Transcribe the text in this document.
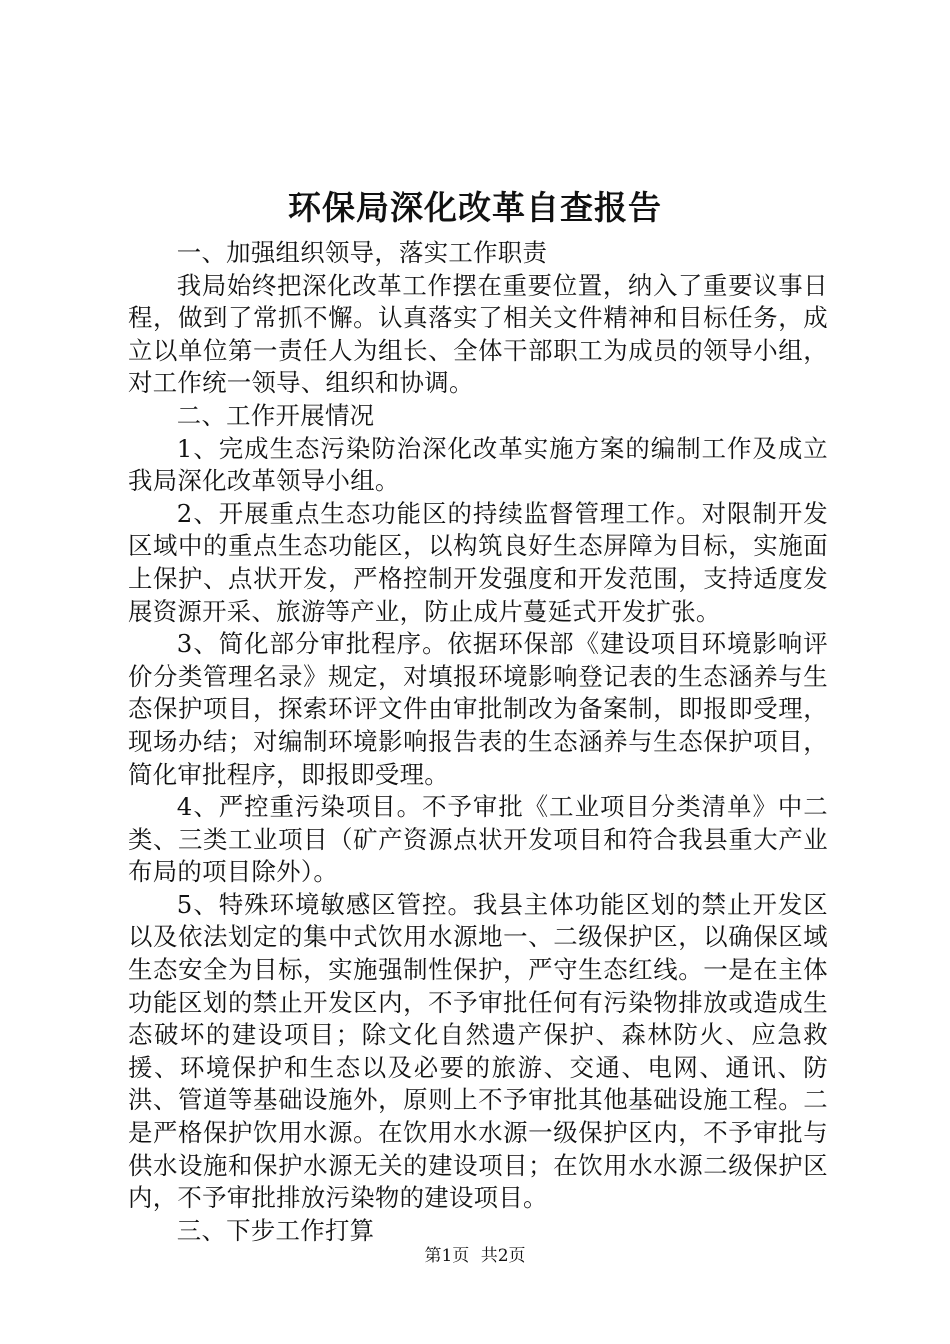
环保局深化改革自查报告

一、加强组织领导，落实工作职责

我局始终把深化改革工作摆在重要位置，纳入了重要议事日程，做到了常抓不懈。认真落实了相关文件精神和目标任务，成立以单位第一责任人为组长、全体干部职工为成员的领导小组，对工作统一领导、组织和协调。

二、工作开展情况

1、完成生态污染防治深化改革实施方案的编制工作及成立我局深化改革领导小组。

2、开展重点生态功能区的持续监督管理工作。对限制开发区域中的重点生态功能区，以构筑良好生态屏障为目标，实施面上保护、点状开发，严格控制开发强度和开发范围，支持适度发展资源开采、旅游等产业，防止成片蔓延式开发扩张。

3、简化部分审批程序。依据环保部《建设项目环境影响评价分类管理名录》规定，对填报环境影响登记表的生态涵养与生态保护项目，探索环评文件由审批制改为备案制，即报即受理，现场办结；对编制环境影响报告表的生态涵养与生态保护项目，简化审批程序，即报即受理。

4、严控重污染项目。不予审批《工业项目分类清单》中二类、三类工业项目（矿产资源点状开发项目和符合我县重大产业布局的项目除外）。

5、特殊环境敏感区管控。我县主体功能区划的禁止开发区以及依法划定的集中式饮用水源地一、二级保护区，以确保区域生态安全为目标，实施强制性保护，严守生态红线。一是在主体功能区划的禁止开发区内，不予审批任何有污染物排放或造成生态破坏的建设项目；除文化自然遗产保护、森林防火、应急救援、环境保护和生态以及必要的旅游、交通、电网、通讯、防洪、管道等基础设施外，原则上不予审批其他基础设施工程。二是严格保护饮用水源。在饮用水水源一级保护区内，不予审批与供水设施和保护水源无关的建设项目；在饮用水水源二级保护区内，不予审批排放污染物的建设项目。

三、下步工作打算

第1页 共2页
